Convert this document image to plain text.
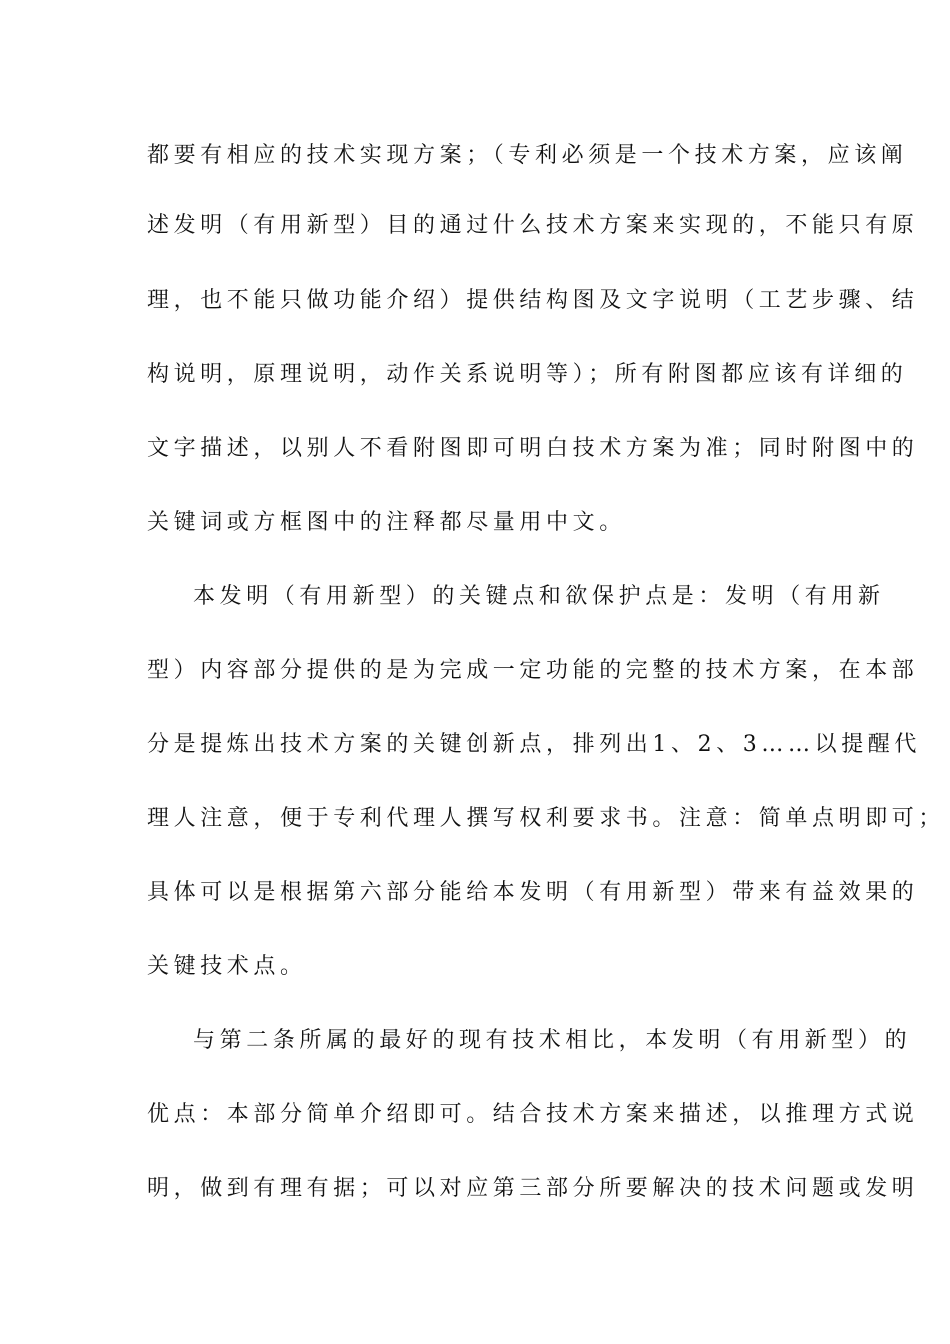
都要有相应的技术实现方案；（专利必须是一个技术方案，应该阐
述发明（有用新型）目的通过什么技术方案来实现的，不能只有原
理，也不能只做功能介绍）提供结构图及文字说明（工艺步骤、结
构说明，原理说明，动作关系说明等）；所有附图都应该有详细的
文字描述，以别人不看附图即可明白技术方案为准；同时附图中的
关键词或方框图中的注释都尽量用中文。
本发明（有用新型）的关键点和欲保护点是：发明（有用新
型）内容部分提供的是为完成一定功能的完整的技术方案，在本部
分是提炼出技术方案的关键创新点，排列出1、2、3……以提醒代
理人注意，便于专利代理人撰写权利要求书。注意：简单点明即可；
具体可以是根据第六部分能给本发明（有用新型）带来有益效果的
关键技术点。
与第二条所属的最好的现有技术相比，本发明（有用新型）的
优点：本部分简单介绍即可。结合技术方案来描述，以推理方式说
明，做到有理有据；可以对应第三部分所要解决的技术问题或发明
